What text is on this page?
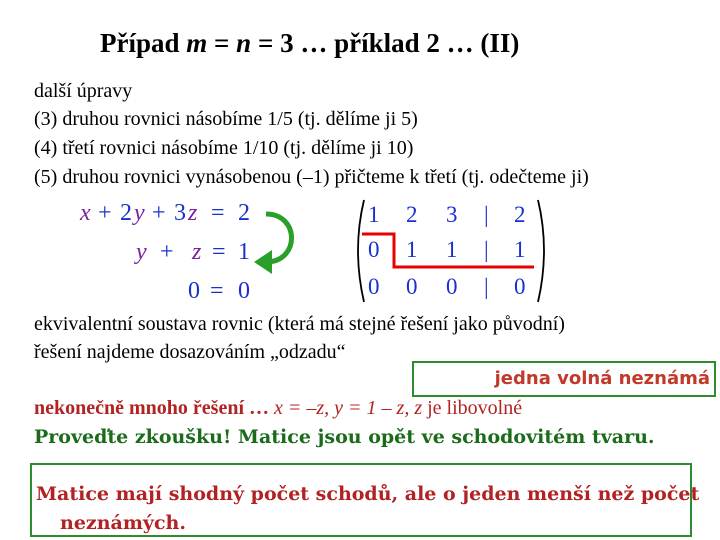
Případ m = n = 3 … příklad 2 … (II)
další úpravy
(3) druhou rovnici násobíme 1/5 (tj. dělíme ji 5)
(4) třetí rovnici násobíme 1/10 (tj. dělíme ji 10)
(5) druhou rovnici vynásobenou (–1) přičteme k třetí (tj. odečteme ji)
x + 2 y + 3 z = 2
y + z = 1
0 = 0
1 2 3 | 2
0 1 1 | 1
0 0 0 | 0
ekvivalentní soustava rovnic (která má stejné řešení jako původní)
řešení najdeme dosazováním „odzadu“
jedna volná neznámá
nekonečně mnoho řešení … x = –z, y = 1 – z, z je libovolné
Proveďte zkoušku! Matice jsou opět ve schodovitém tvaru.
Matice mají shodný počet schodů, ale o jeden menší než počet
neznámých.
